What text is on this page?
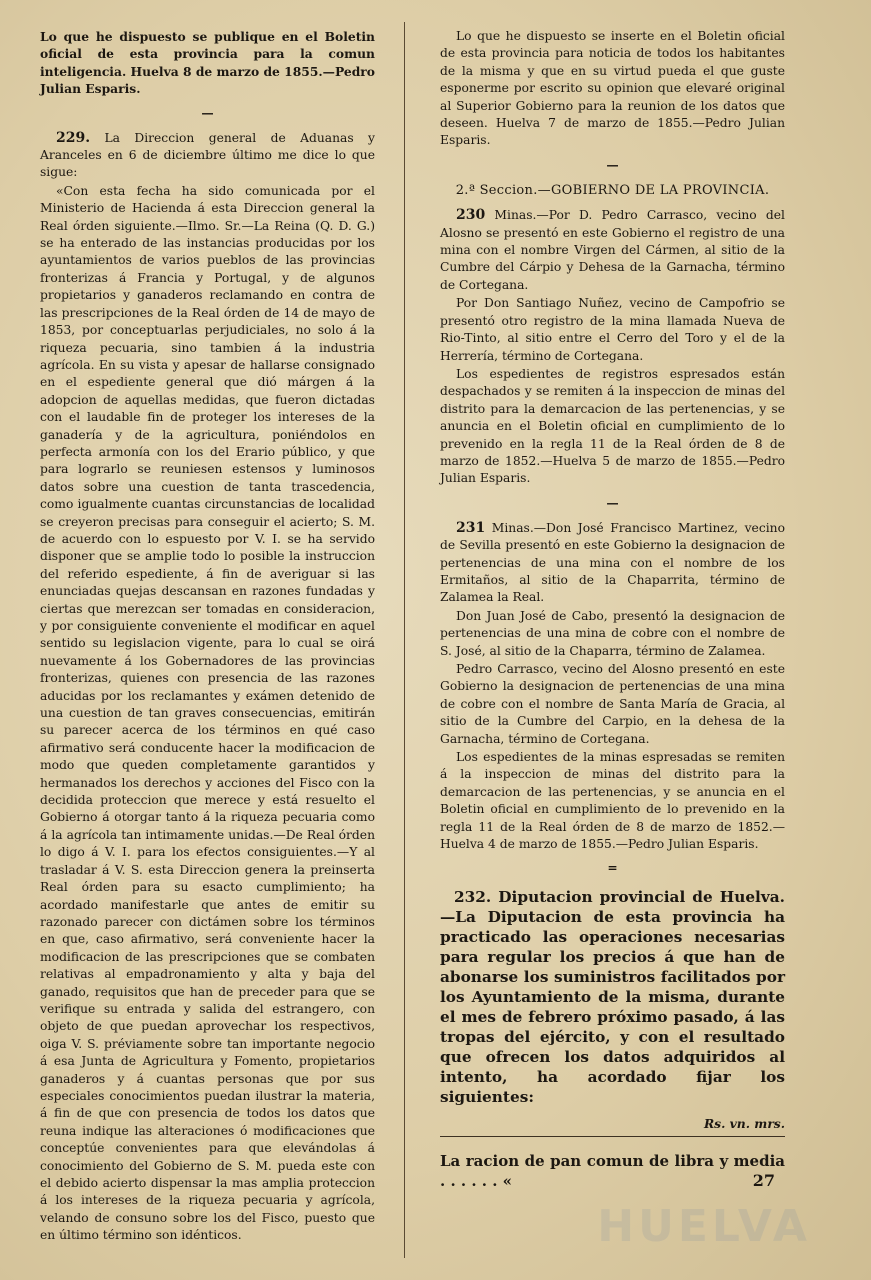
Lo que he dispuesto se publique en el Boletin oficial de esta provincia para la comun inteligencia. Huelva 8 de marzo de 1855.—Pedro Julian Esparis.

—

229. La Direccion general de Aduanas y Aranceles en 6 de diciembre último me dice lo que sigue:

«Con esta fecha ha sido comunicada por el Ministerio de Hacienda á esta Direccion general la Real órden siguiente.—Ilmo. Sr.—La Reina (Q. D. G.) se ha enterado de las instancias producidas por los ayuntamientos de varios pueblos de las provincias fronterizas á Francia y Portugal, y de algunos propietarios y ganaderos reclamando en contra de las prescripciones de la Real órden de 14 de mayo de 1853, por conceptuarlas perjudiciales, no solo á la riqueza pecuaria, sino tambien á la industria agrícola. En su vista y apesar de hallarse consignado en el espediente general que dió márgen á la adopcion de aquellas medidas, que fueron dictadas con el laudable fin de proteger los intereses de la ganadería y de la agricultura, poniéndolos en perfecta armonía con los del Erario público, y que para lograrlo se reuniesen estensos y luminosos datos sobre una cuestion de tanta trascedencia, como igualmente cuantas circunstancias de localidad se creyeron precisas para conseguir el acierto; S. M. de acuerdo con lo espuesto por V. I. se ha servido disponer que se amplie todo lo posible la instruccion del referido espediente, á fin de averiguar si las enunciadas quejas descansan en razones fundadas y ciertas que merezcan ser tomadas en consideracion, y por consiguiente conveniente el modificar en aquel sentido su legislacion vigente, para lo cual se oirá nuevamente á los Gobernadores de las provincias fronterizas, quienes con presencia de las razones aducidas por los reclamantes y exámen detenido de una cuestion de tan graves consecuencias, emitirán su parecer acerca de los términos en qué caso afirmativo será conducente hacer la modificacion de modo que queden completamente garantidos y hermanados los derechos y acciones del Fisco con la decidida proteccion que merece y está resuelto el Gobierno á otorgar tanto á la riqueza pecuaria como á la agrícola tan intimamente unidas.—De Real órden lo digo á V. I. para los efectos consiguientes.—Y al trasladar á V. S. esta Direccion genera la preinserta Real órden para su esacto cumplimiento; ha acordado manifestarle que antes de emitir su razonado parecer con dictámen sobre los términos en que, caso afirmativo, será conveniente hacer la modificacion de las prescripciones que se combaten relativas al empadronamiento y alta y baja del ganado, requisitos que han de preceder para que se verifique su entrada y salida del estrangero, con objeto de que puedan aprovechar los respectivos, oiga V. S. préviamente sobre tan importante negocio á esa Junta de Agricultura y Fomento, propietarios ganaderos y á cuantas personas que por sus especiales conocimientos puedan ilustrar la materia, á fin de que con presencia de todos los datos que reuna indique las alteraciones ó modificaciones que conceptúe convenientes para que elevándolas á conocimiento del Gobierno de S. M. pueda este con el debido acierto dispensar la mas amplia proteccion á los intereses de la riqueza pecuaria y agrícola, velando de consuno sobre los del Fisco, puesto que en último término son idénticos.

Lo que he dispuesto se inserte en el Boletin oficial de esta provincia para noticia de todos los habitantes de la misma y que en su virtud pueda el que guste esponerme por escrito su opinion que elevaré original al Superior Gobierno para la reunion de los datos que deseen. Huelva 7 de marzo de 1855.—Pedro Julian Esparis.

—
2.ª Seccion.—GOBIERNO DE LA PROVINCIA.

230 Minas.—Por D. Pedro Carrasco, vecino del Alosno se presentó en este Gobierno el registro de una mina con el nombre Virgen del Cármen, al sitio de la Cumbre del Cárpio y Dehesa de la Garnacha, término de Cortegana.

Por Don Santiago Nuñez, vecino de Campofrio se presentó otro registro de la mina llamada Nueva de Rio-Tinto, al sitio entre el Cerro del Toro y el de la Herrería, término de Cortegana.

Los espedientes de registros espresados están despachados y se remiten á la inspeccion de minas del distrito para la demarcacion de las pertenencias, y se anuncia en el Boletin oficial en cumplimiento de lo prevenido en la regla 11 de la Real órden de 8 de marzo de 1852.—Huelva 5 de marzo de 1855.—Pedro Julian Esparis.

—

231 Minas.—Don José Francisco Martinez, vecino de Sevilla presentó en este Gobierno la designacion de pertenencias de una mina con el nombre de los Ermitaños, al sitio de la Chaparrita, término de Zalamea la Real.

Don Juan José de Cabo, presentó la designacion de pertenencias de una mina de cobre con el nombre de S. José, al sitio de la Chaparra, término de Zalamea.

Pedro Carrasco, vecino del Alosno presentó en este Gobierno la designacion de pertenencias de una mina de cobre con el nombre de Santa María de Gracia, al sitio de la Cumbre del Carpio, en la dehesa de la Garnacha, término de Cortegana.

Los espedientes de la minas espresadas se remiten á la inspeccion de minas del distrito para la demarcacion de las pertenencias, y se anuncia en el Boletin oficial en cumplimiento de lo prevenido en la regla 11 de la Real órden de 8 de marzo de 1852.—Huelva 4 de marzo de 1855.—Pedro Julian Esparis.

=

232. Diputacion provincial de Huelva.—La Diputacion de esta provincia ha practicado las operaciones necesarias para regular los precios á que han de abonarse los suministros facilitados por los Ayuntamiento de la misma, durante el mes de febrero próximo pasado, á las tropas del ejército, y con el resultado que ofrecen los datos adquiridos al intento, ha acordado fijar los siguientes:

Rs. vn. mrs.
La racion de pan comun de libra y media . . . . . . «	27
HUELVA
